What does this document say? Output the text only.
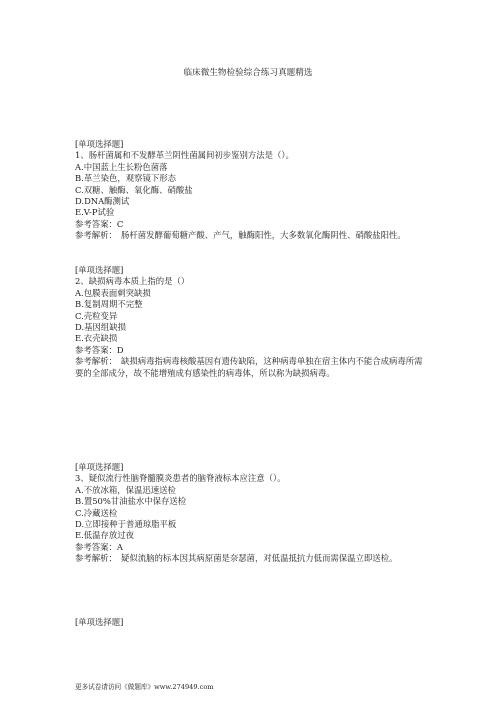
临床微生物检验综合练习真题精选
[单项选择题]
1、肠杆菌属和不发酵革兰阴性菌属间初步鉴别方法是（）。
A.中国蓝上生长粉色菌落
B.革兰染色，观察镜下形态
C.双糖、触酶、氧化酶、硝酸盐
D.DNA酶测试
E.V-P试验
参考答案：C
参考解析：　肠杆菌发酵葡萄糖产酸、产气，触酶阳性，大多数氧化酶阴性、硝酸盐阳性。
[单项选择题]
2、缺损病毒本质上指的是（）
A.包膜表面刺突缺损
B.复制周期不完整
C.壳粒变异
D.基因组缺损
E.衣壳缺损
参考答案：D
参考解析：　缺损病毒指病毒核酸基因有遗传缺陷，这种病毒单独在宿主体内不能合成病毒所需要的全部成分，故不能增殖成有感染性的病毒体，所以称为缺损病毒。
[单项选择题]
3、疑似流行性脑脊髓膜炎患者的脑脊液标本应注意（）。
A.不放冰箱，保温迅速送检
B.置50%甘油盐水中保存送检
C.冷藏送检
D.立即接种于普通琼脂平板
E.低温存放过夜
参考答案：A
参考解析：　疑似流脑的标本因其病原菌是奈瑟菌，对低温抵抗力低而需保温立即送检。
[单项选择题]
更多试卷请访问《做题库》www.274949.com
